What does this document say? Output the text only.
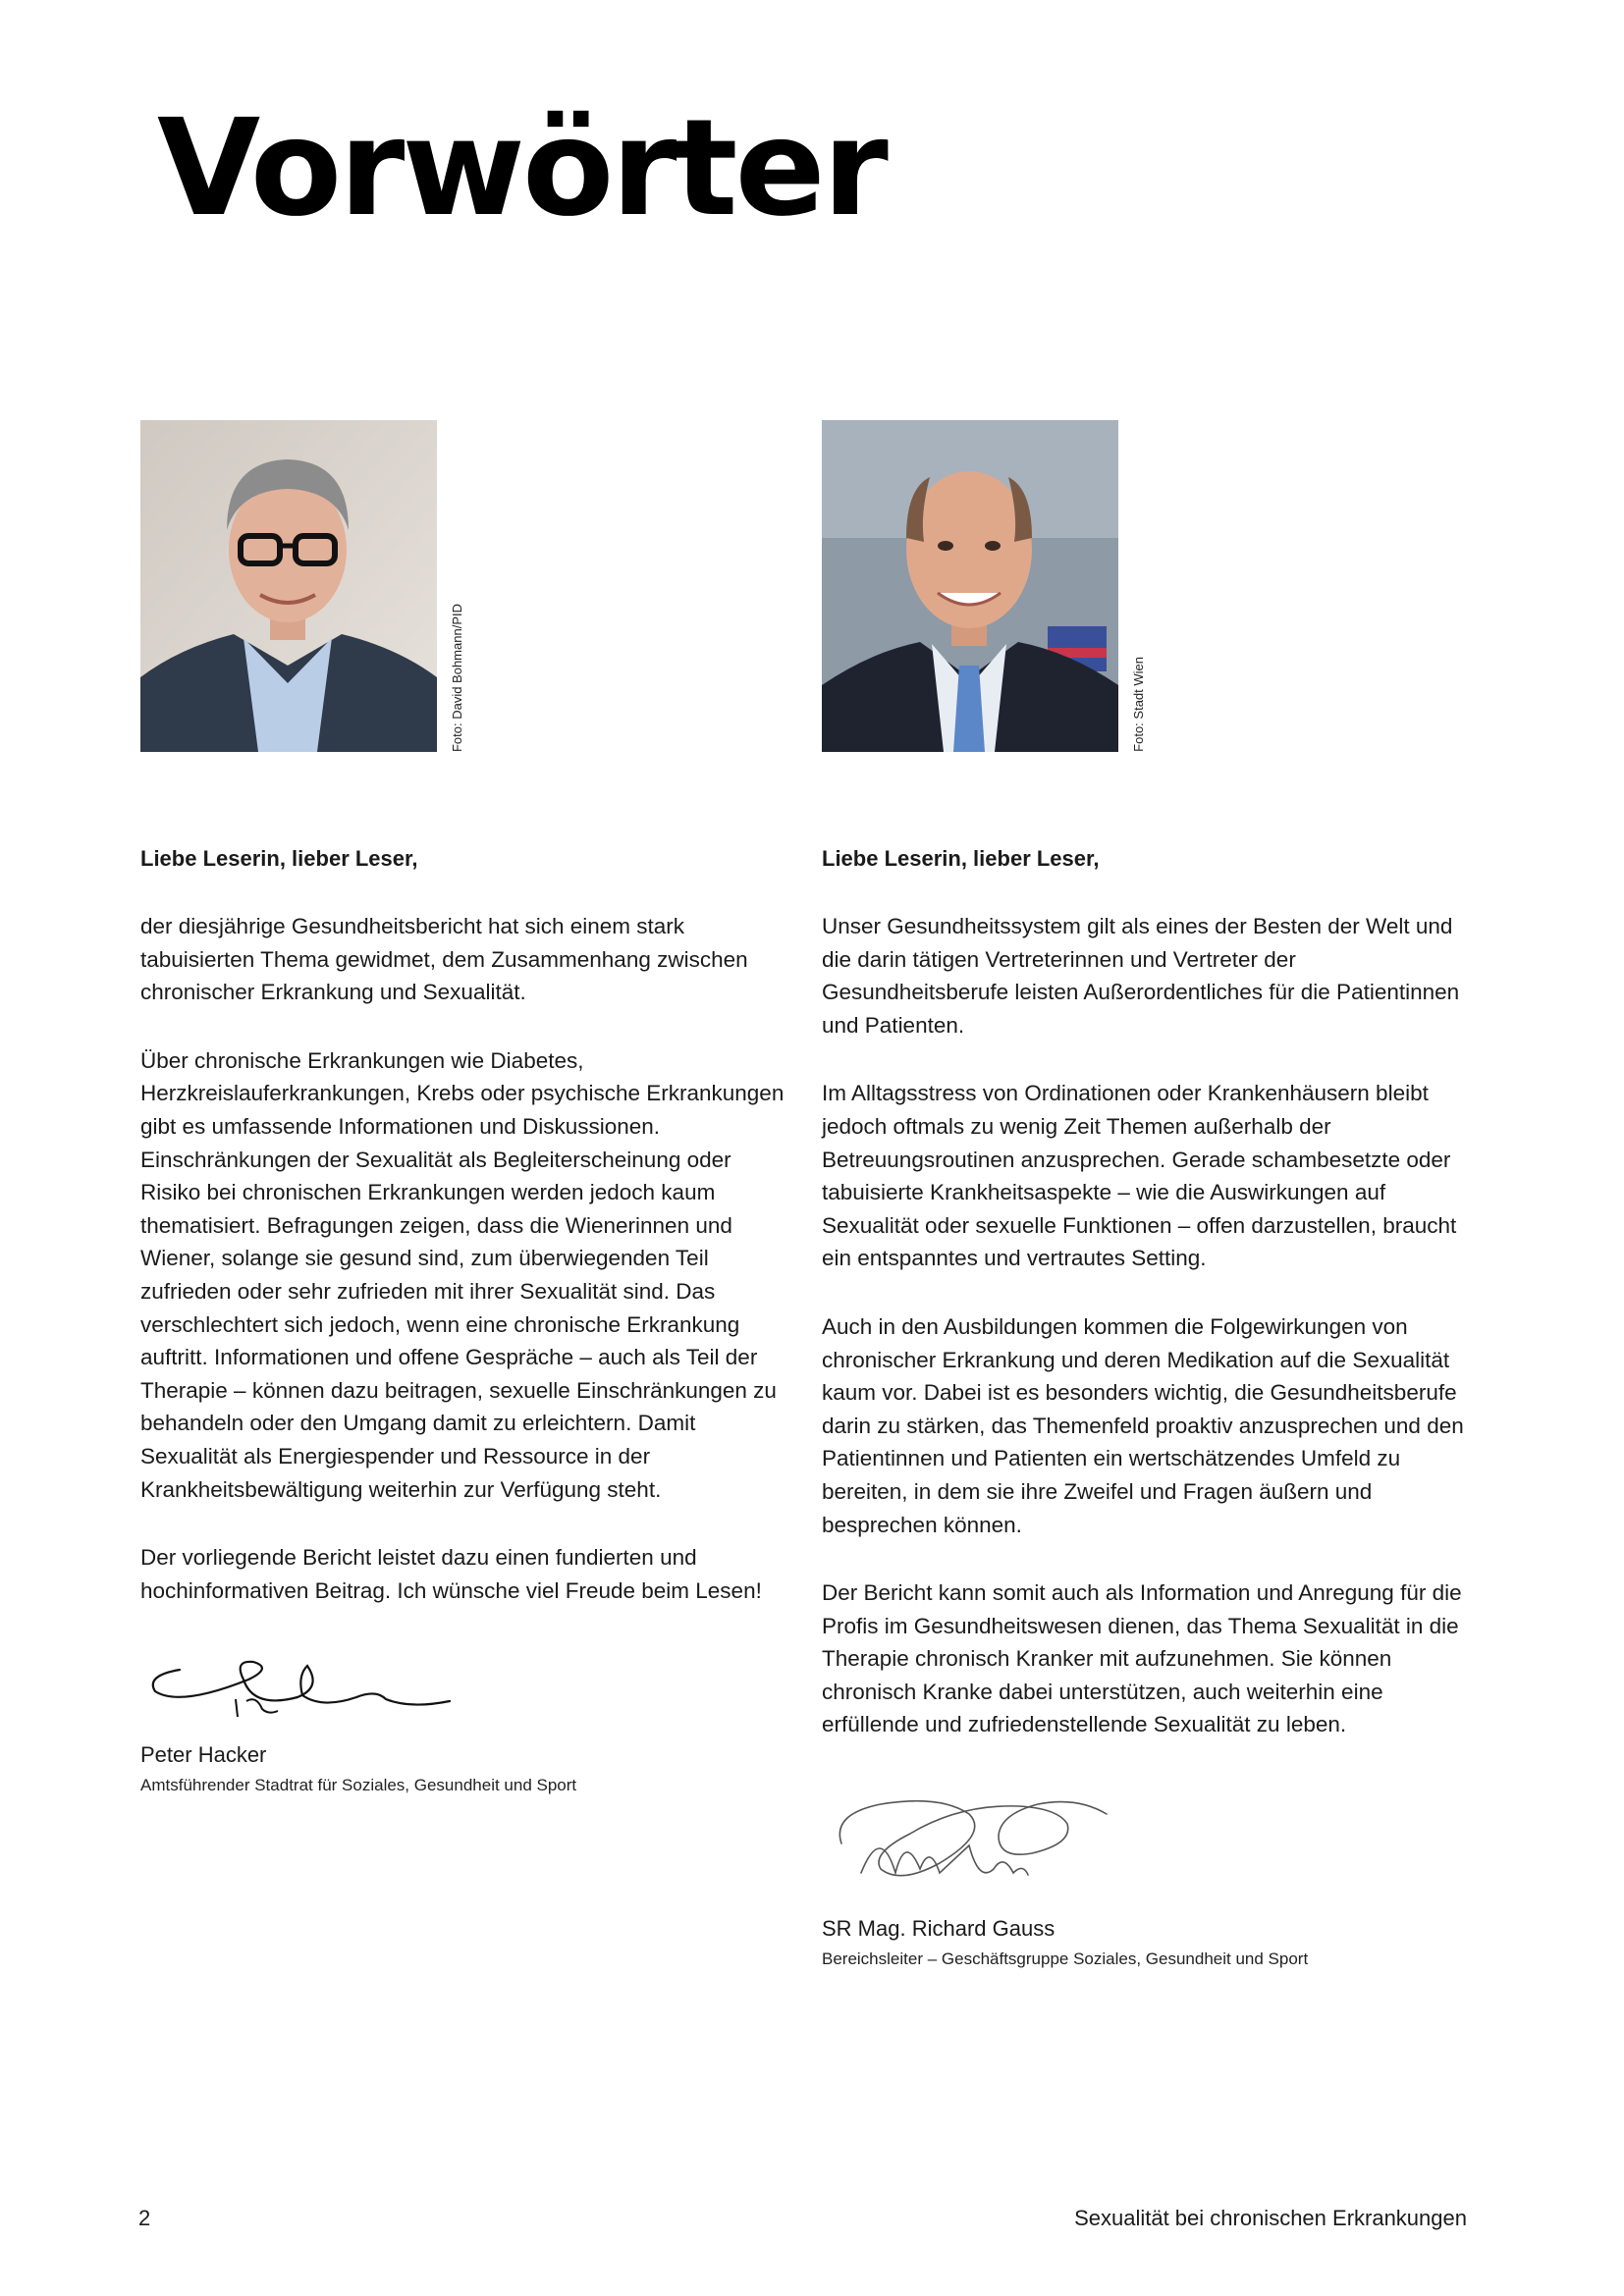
Vorwörter
Foto: David Bohmann/PID

Liebe Leserin, lieber Leser,

der diesjährige Gesundheitsbericht hat sich einem stark tabuisierten Thema gewidmet, dem Zusammenhang zwischen chronischer Erkrankung und Sexualität.

Über chronische Erkrankungen wie Diabetes, Herzkreislauferkrankungen, Krebs oder psychische Erkrankungen gibt es umfassende Informationen und Diskussionen. Einschränkungen der Sexualität als Begleiterscheinung oder Risiko bei chronischen Erkrankungen werden jedoch kaum thematisiert. Befragungen zeigen, dass die Wienerinnen und Wiener, solange sie gesund sind, zum überwiegenden Teil zufrieden oder sehr zufrieden mit ihrer Sexualität sind. Das verschlechtert sich jedoch, wenn eine chronische Erkrankung auftritt. Informationen und offene Gespräche – auch als Teil der Therapie – können dazu beitragen, sexuelle Einschränkungen zu behandeln oder den Umgang damit zu erleichtern. Damit Sexualität als Energiespender und Ressource in der Krankheitsbewältigung weiterhin zur Verfügung steht.

Der vorliegende Bericht leistet dazu einen fundierten und hochinformativen Beitrag. Ich wünsche viel Freude beim Lesen!

Peter Hacker

Amtsführender Stadtrat für Soziales, Gesundheit und Sport

Foto: Stadt Wien

Liebe Leserin, lieber Leser,

Unser Gesundheitssystem gilt als eines der Besten der Welt und die darin tätigen Vertreterinnen und Vertreter der Gesundheitsberufe leisten Außerordentliches für die Patientinnen und Patienten.

Im Alltagsstress von Ordinationen oder Krankenhäusern bleibt jedoch oftmals zu wenig Zeit Themen außerhalb der Betreuungsroutinen anzusprechen. Gerade schambesetzte oder tabuisierte Krankheitsaspekte – wie die Auswirkungen auf Sexualität oder sexuelle Funktionen – offen darzustellen, braucht ein entspanntes und vertrautes Setting.

Auch in den Ausbildungen kommen die Folgewirkungen von chronischer Erkrankung und deren Medikation auf die Sexualität kaum vor. Dabei ist es besonders wichtig, die Gesundheitsberufe darin zu stärken, das Themenfeld proaktiv anzusprechen und den Patientinnen und Patienten ein wertschätzendes Umfeld zu bereiten, in dem sie ihre Zweifel und Fragen äußern und besprechen können.

Der Bericht kann somit auch als Information und Anregung für die Profis im Gesundheitswesen dienen, das Thema Sexualität in die Therapie chronisch Kranker mit aufzunehmen. Sie können chronisch Kranke dabei unterstützen, auch weiterhin eine erfüllende und zufriedenstellende Sexualität zu leben.

SR Mag. Richard Gauss

Bereichsleiter – Geschäftsgruppe Soziales, Gesundheit und Sport

2	Sexualität bei chronischen Erkrankungen
